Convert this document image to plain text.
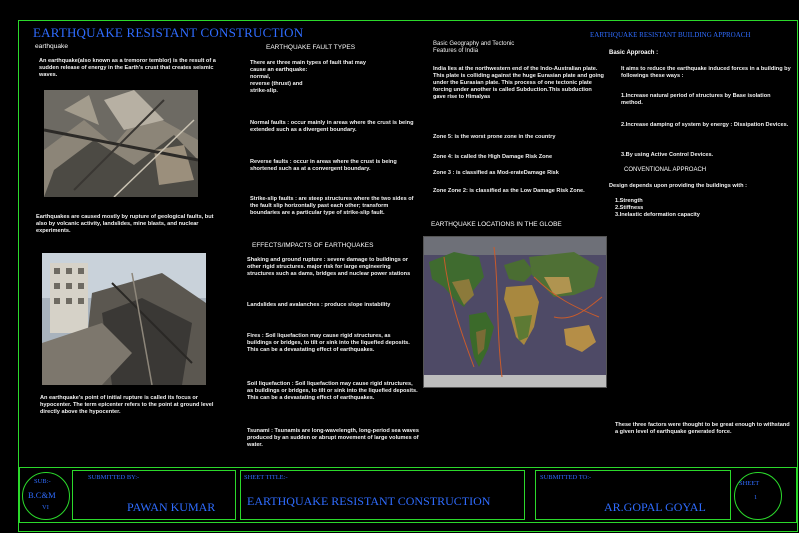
EARTHQUAKE RESISTANT CONSTRUCTION
earthquake
An earthquake(also known as a tremoror temblor) is the result of a sudden release of energy in the Earth's crust that creates seismic waves.
Earthquakes are caused mostly by rupture of geological faults, but also by volcanic activity, landslides, mine blasts, and nuclear experiments.
An earthquake's point of initial rupture is called its focus or hypocenter. The term epicenter refers to the point at ground level directly above the hypocenter.
EARTHQUAKE FAULT TYPES
There are three main types of fault that may
cause an earthquake:
normal,
reverse (thrust) and
strike-slip.
Normal faults : occur mainly in areas where the crust is being extended such as a divergent boundary.
Reverse faults : occur in areas where the crust is being shortened such as at a convergent boundary.
Strike-slip faults : are steep structures where the two sides of the fault slip horizontally past each other; transform boundaries are a particular type of strike-slip fault.
EFFECTS/IMPACTS OF EARTHQUAKES
Shaking and ground rupture : severe damage to buildings or other rigid structures. major risk for large engineering structures such as dams, bridges and nuclear power stations
Landslides and avalanches : produce slope instability
Fires : Soil liquefaction may cause rigid structures, as buildings or bridges, to tilt or sink into the liquefied deposits. This can be a devastating effect of earthquakes.
Soil liquefaction : Soil liquefaction may cause rigid structures, as buildings or bridges, to tilt or sink into the liquefied deposits. This can be a devastating effect of earthquakes.
Tsunami : Tsunamis are long-wavelength, long-period sea waves produced by an sudden or abrupt movement of large volumes of water.
Basic Geography and Tectonic
Features of India
India lies at the northwestern end of the Indo-Australian plate. This plate is colliding against the huge Eurasian plate and going under the Eurasian plate. This process of one tectonic plate forcing under another is called Subduction.This subduction gave rise to Himalyas
Zone 5: is the worst prone zone in the country
Zone 4: is called the High Damage Risk Zone
Zone 3 : is classified as Mod-erateDamage Risk
Zone Zone 2: is classified as the Low Damage Risk Zone.
EARTHQUAKE LOCATIONS IN THE GLOBE
EARTHQUAKE RESISTANT BUILDING APPROACH
Basic Approach :
It aims to reduce the earthquake induced forces in a building by followings these ways :
1.Increase natural period of structures by Base isolation method.
2.Increase damping of system by energy : Dissipation Devices.
3.By using Active Control Devices.
CONVENTIONAL APPROACH
Design depends upon providing the buildings with :
1.Strength
2.Stiffness
3.Inelastic deformation capacity
These three factors were thought to be great enough to withstand a given level of earthquake generated force.
SUB:-
B.C&M
VI
SUBMITTED BY:-
PAWAN KUMAR
SHEET TITLE:-
EARTHQUAKE RESISTANT CONSTRUCTION
SUBMITTED TO:-
AR.GOPAL GOYAL
SHEET
1
